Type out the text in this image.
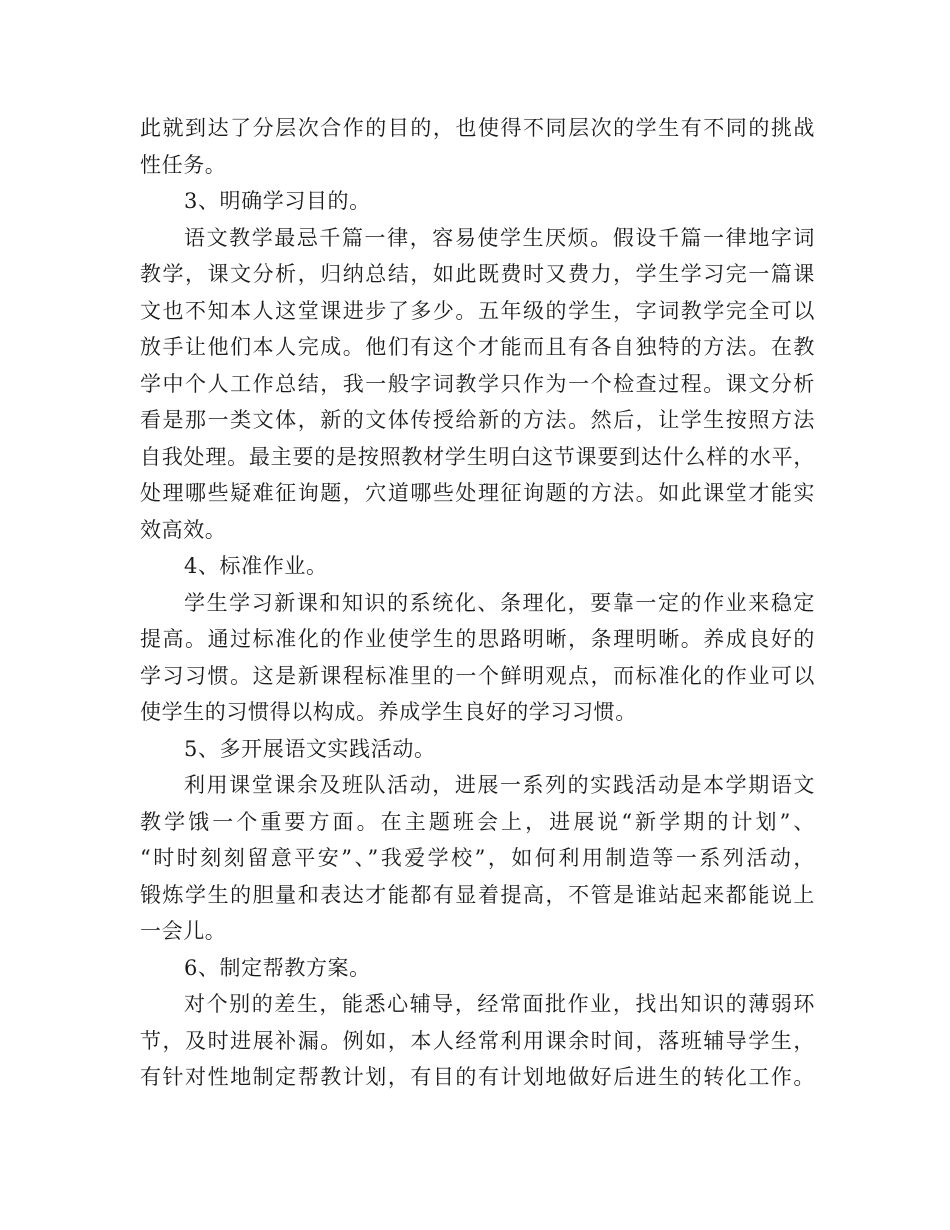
此就到达了分层次合作的目的，也使得不同层次的学生有不同的挑战
性任务。
3、明确学习目的。
语文教学最忌千篇一律，容易使学生厌烦。假设千篇一律地字词
教学，课文分析，归纳总结，如此既费时又费力，学生学习完一篇课
文也不知本人这堂课进步了多少。五年级的学生，字词教学完全可以
放手让他们本人完成。他们有这个才能而且有各自独特的方法。在教
学中个人工作总结，我一般字词教学只作为一个检查过程。课文分析
看是那一类文体，新的文体传授给新的方法。然后，让学生按照方法
自我处理。最主要的是按照教材学生明白这节课要到达什么样的水平，
处理哪些疑难征询题，穴道哪些处理征询题的方法。如此课堂才能实
效高效。
4、标准作业。
学生学习新课和知识的系统化、条理化，要靠一定的作业来稳定
提高。通过标准化的作业使学生的思路明晰，条理明晰。养成良好的
学习习惯。这是新课程标准里的一个鲜明观点，而标准化的作业可以
使学生的习惯得以构成。养成学生良好的学习习惯。
5、多开展语文实践活动。
利用课堂课余及班队活动，进展一系列的实践活动是本学期语文
教学饿一个重要方面。在主题班会上，进展说“新学期的计划”、
“时时刻刻留意平安”、”我爱学校”，如何利用制造等一系列活动，
锻炼学生的胆量和表达才能都有显着提高，不管是谁站起来都能说上
一会儿。
6、制定帮教方案。
对个别的差生，能悉心辅导，经常面批作业，找出知识的薄弱环
节，及时进展补漏。例如，本人经常利用课余时间，落班辅导学生，
有针对性地制定帮教计划，有目的有计划地做好后进生的转化工作。
